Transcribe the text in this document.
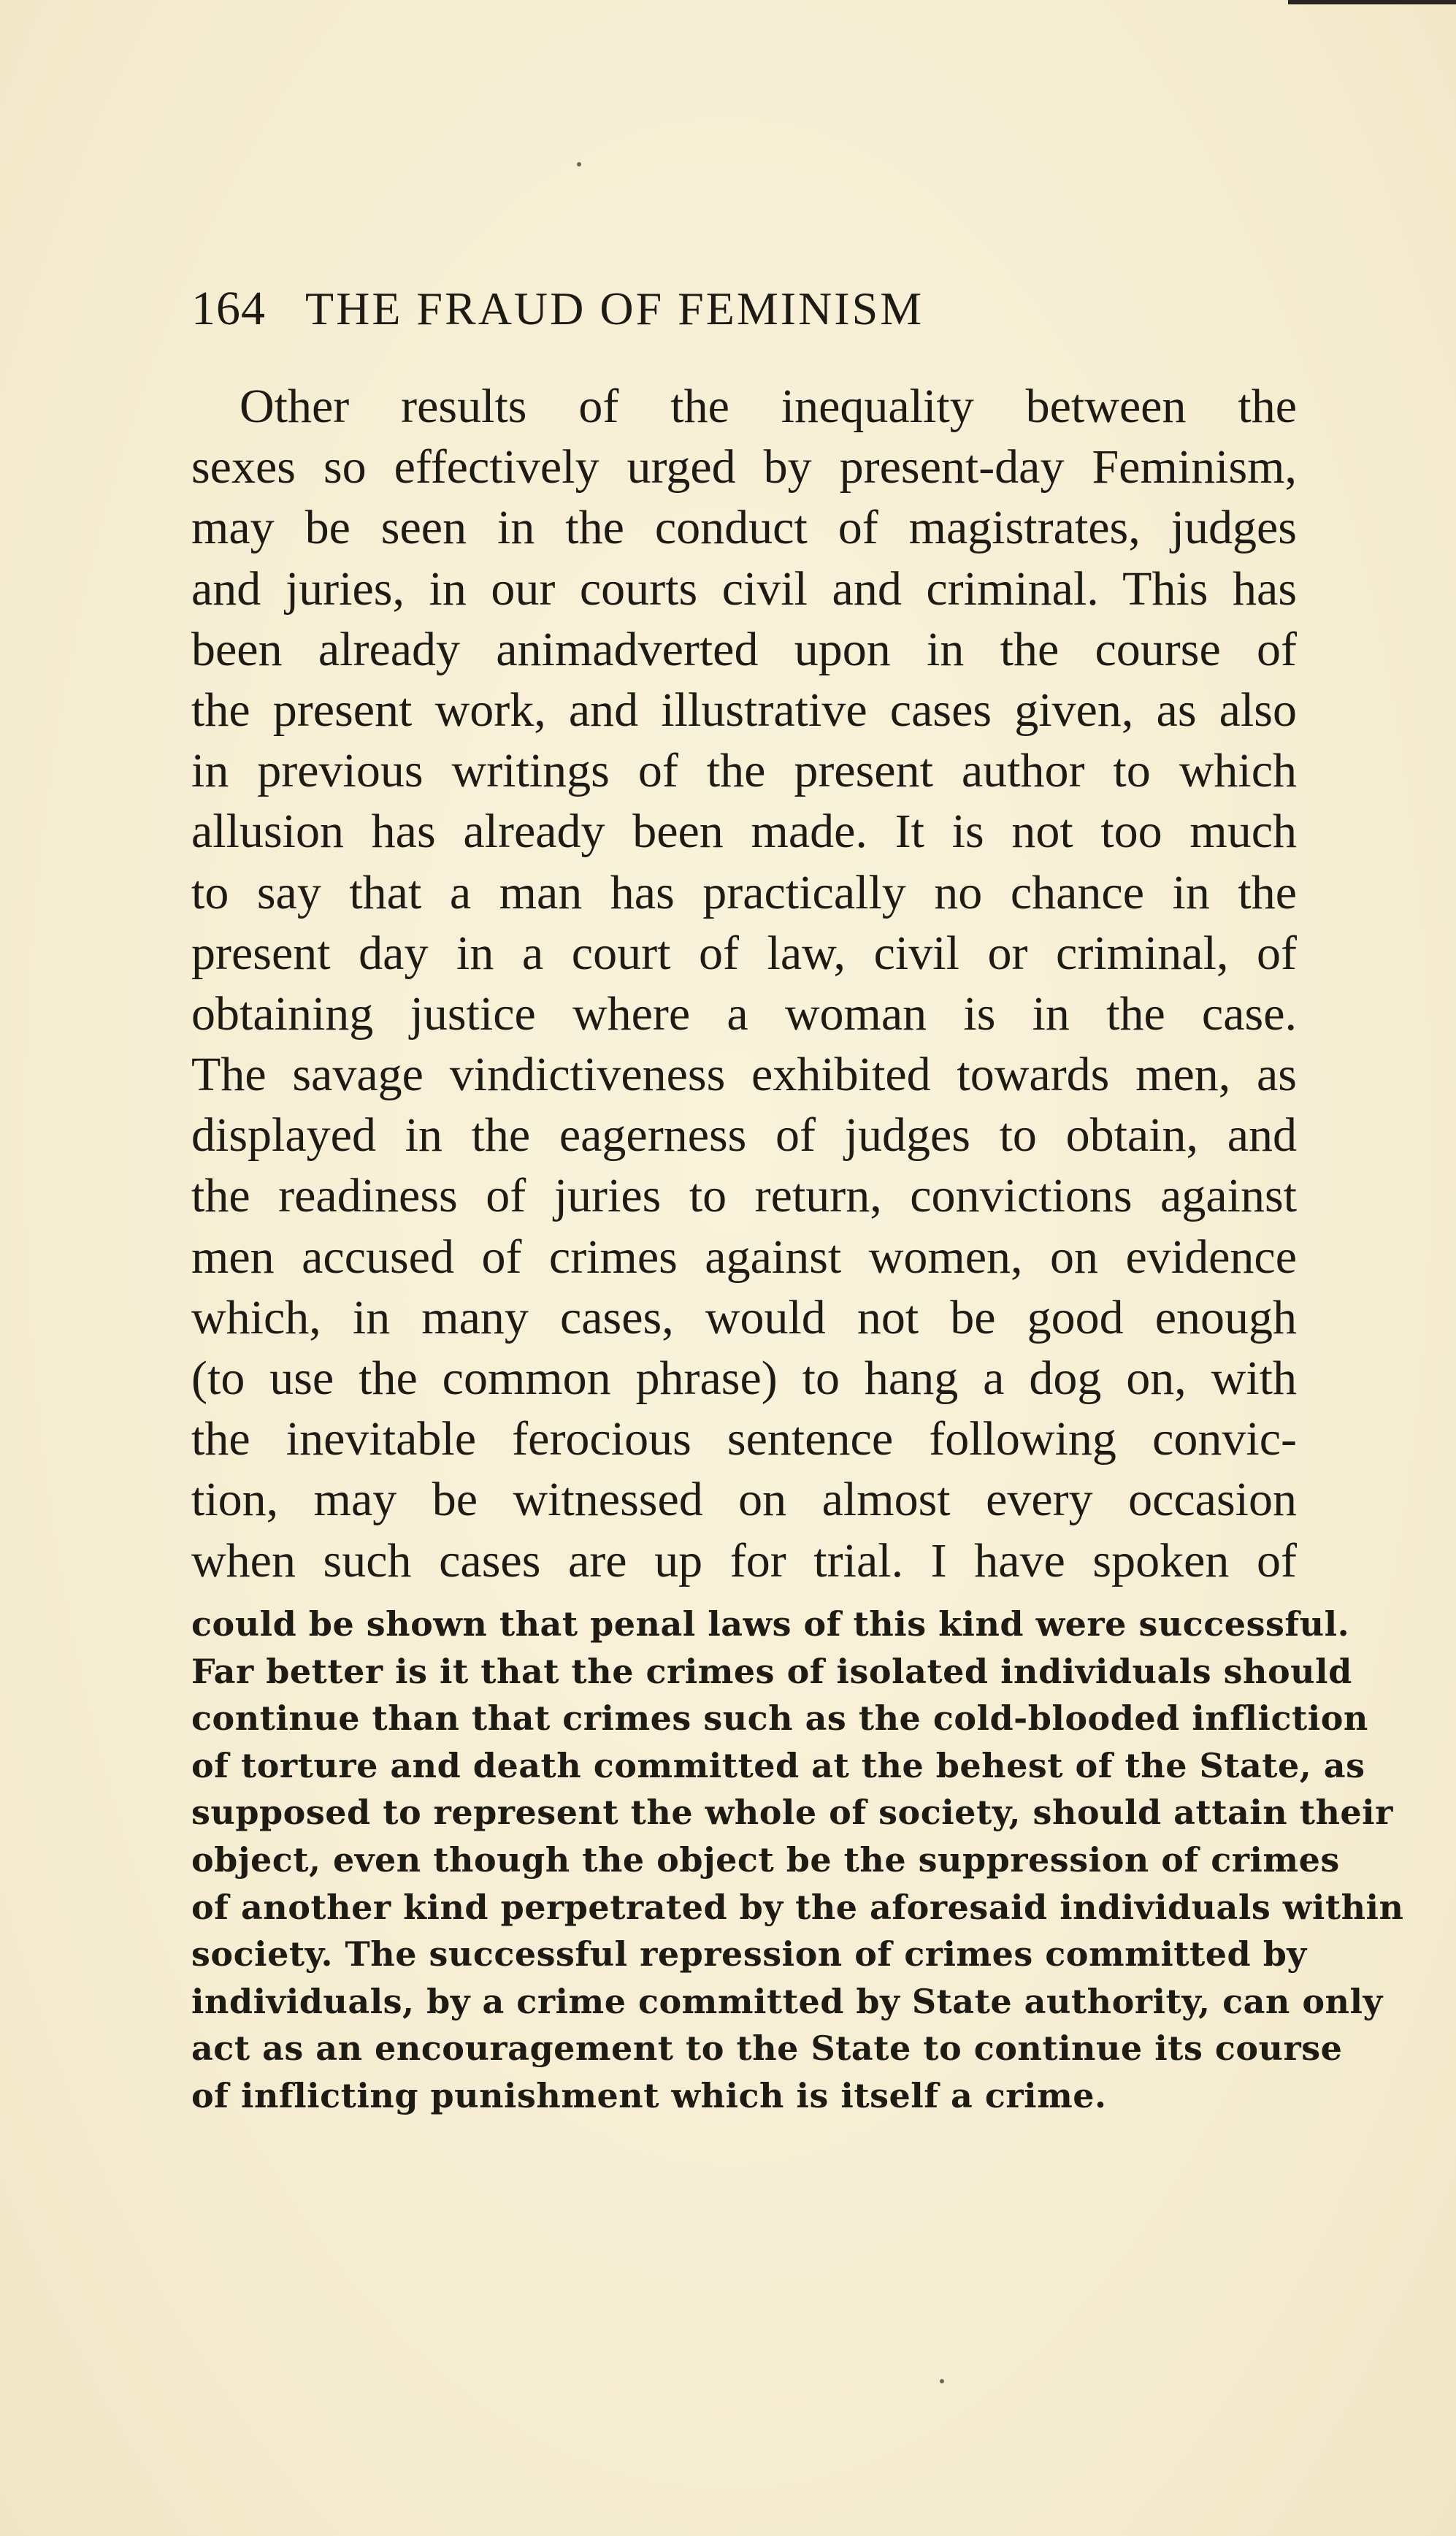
164 THE FRAUD OF FEMINISM
Other results of the inequality between the
sexes so effectively urged by present-day Feminism,
may be seen in the conduct of magistrates, judges
and juries, in our courts civil and criminal. This has
been already animadverted upon in the course of
the present work, and illustrative cases given, as also
in previous writings of the present author to which
allusion has already been made. It is not too much
to say that a man has practically no chance in the
present day in a court of law, civil or criminal, of
obtaining justice where a woman is in the case.
The savage vindictiveness exhibited towards men, as
displayed in the eagerness of judges to obtain, and
the readiness of juries to return, convictions against
men accused of crimes against women, on evidence
which, in many cases, would not be good enough
(to use the common phrase) to hang a dog on, with
the inevitable ferocious sentence following convic-
tion, may be witnessed on almost every occasion
when such cases are up for trial. I have spoken of
could be shown that penal laws of this kind were successful.
Far better is it that the crimes of isolated individuals should
continue than that crimes such as the cold-blooded infliction
of torture and death committed at the behest of the State, as
supposed to represent the whole of society, should attain their
object, even though the object be the suppression of crimes
of another kind perpetrated by the aforesaid individuals within
society. The successful repression of crimes committed by
individuals, by a crime committed by State authority, can only
act as an encouragement to the State to continue its course
of inflicting punishment which is itself a crime.
